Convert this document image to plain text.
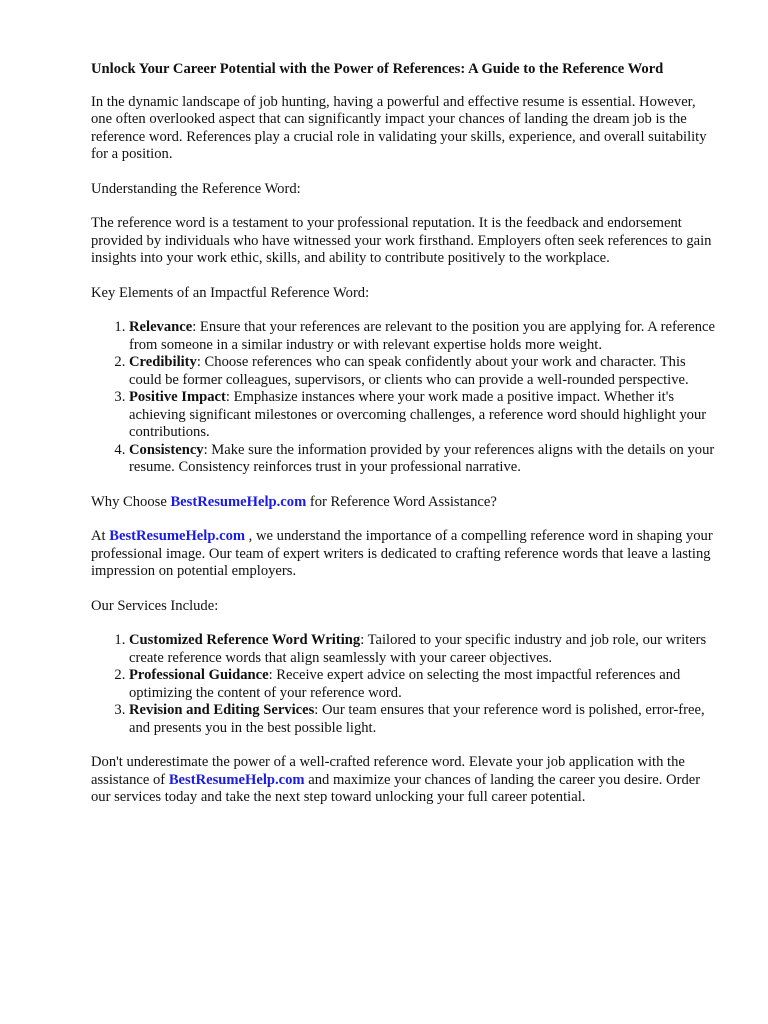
Unlock Your Career Potential with the Power of References: A Guide to the Reference Word

In the dynamic landscape of job hunting, having a powerful and effective resume is essential. However, one often overlooked aspect that can significantly impact your chances of landing the dream job is the reference word. References play a crucial role in validating your skills, experience, and overall suitability for a position.

Understanding the Reference Word:

The reference word is a testament to your professional reputation. It is the feedback and endorsement provided by individuals who have witnessed your work firsthand. Employers often seek references to gain insights into your work ethic, skills, and ability to contribute positively to the workplace.

Key Elements of an Impactful Reference Word:

1. Relevance: Ensure that your references are relevant to the position you are applying for. A reference from someone in a similar industry or with relevant expertise holds more weight.
2. Credibility: Choose references who can speak confidently about your work and character. This could be former colleagues, supervisors, or clients who can provide a well-rounded perspective.
3. Positive Impact: Emphasize instances where your work made a positive impact. Whether it's achieving significant milestones or overcoming challenges, a reference word should highlight your contributions.
4. Consistency: Make sure the information provided by your references aligns with the details on your resume. Consistency reinforces trust in your professional narrative.

Why Choose BestResumeHelp.com for Reference Word Assistance?

At BestResumeHelp.com , we understand the importance of a compelling reference word in shaping your professional image. Our team of expert writers is dedicated to crafting reference words that leave a lasting impression on potential employers.

Our Services Include:

1. Customized Reference Word Writing: Tailored to your specific industry and job role, our writers create reference words that align seamlessly with your career objectives.
2. Professional Guidance: Receive expert advice on selecting the most impactful references and optimizing the content of your reference word.
3. Revision and Editing Services: Our team ensures that your reference word is polished, error-free, and presents you in the best possible light.

Don't underestimate the power of a well-crafted reference word. Elevate your job application with the assistance of BestResumeHelp.com and maximize your chances of landing the career you desire. Order our services today and take the next step toward unlocking your full career potential.
